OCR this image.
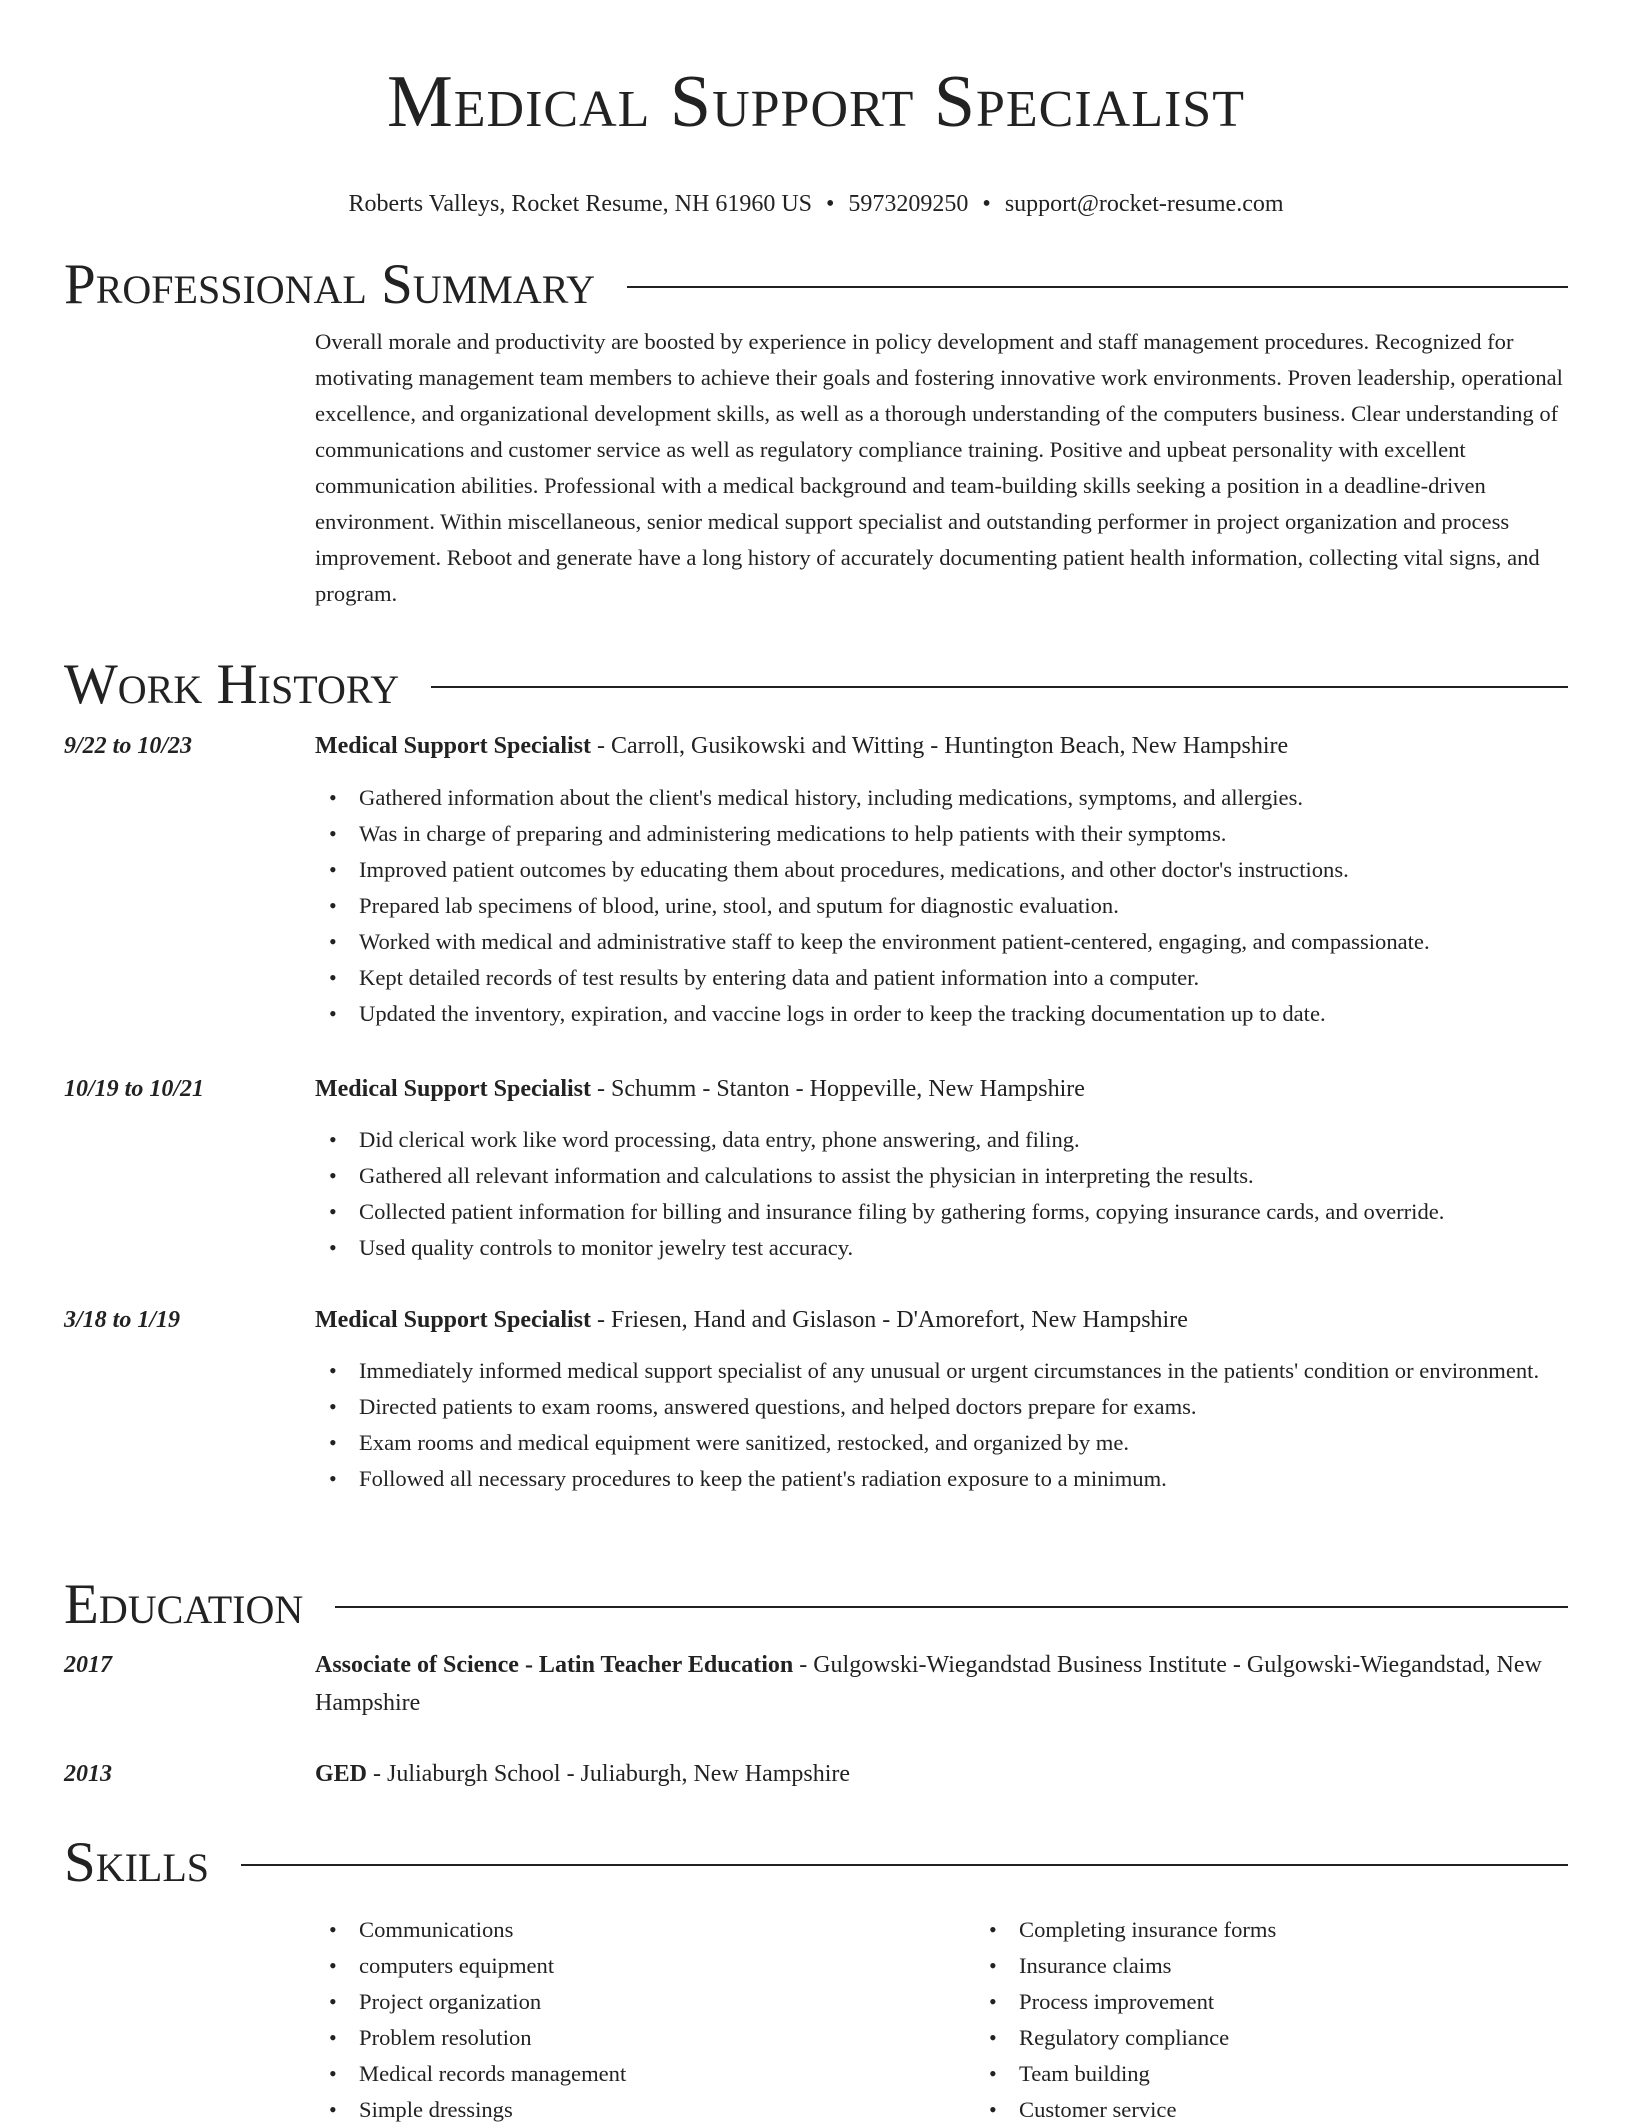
Medical Support Specialist
Roberts Valleys, Rocket Resume, NH 61960 US • 5973209250 • support@rocket-resume.com
Professional Summary
Overall morale and productivity are boosted by experience in policy development and staff management procedures. Recognized for motivating management team members to achieve their goals and fostering innovative work environments. Proven leadership, operational excellence, and organizational development skills, as well as a thorough understanding of the computers business. Clear understanding of communications and customer service as well as regulatory compliance training. Positive and upbeat personality with excellent communication abilities. Professional with a medical background and team-building skills seeking a position in a deadline-driven environment. Within miscellaneous, senior medical support specialist and outstanding performer in project organization and process improvement. Reboot and generate have a long history of accurately documenting patient health information, collecting vital signs, and program.
Work History
9/22 to 10/23	Medical Support Specialist - Carroll, Gusikowski and Witting - Huntington Beach, New Hampshire
• Gathered information about the client's medical history, including medications, symptoms, and allergies.
• Was in charge of preparing and administering medications to help patients with their symptoms.
• Improved patient outcomes by educating them about procedures, medications, and other doctor's instructions.
• Prepared lab specimens of blood, urine, stool, and sputum for diagnostic evaluation.
• Worked with medical and administrative staff to keep the environment patient-centered, engaging, and compassionate.
• Kept detailed records of test results by entering data and patient information into a computer.
• Updated the inventory, expiration, and vaccine logs in order to keep the tracking documentation up to date.
10/19 to 10/21	Medical Support Specialist - Schumm - Stanton - Hoppeville, New Hampshire
• Did clerical work like word processing, data entry, phone answering, and filing.
• Gathered all relevant information and calculations to assist the physician in interpreting the results.
• Collected patient information for billing and insurance filing by gathering forms, copying insurance cards, and override.
• Used quality controls to monitor jewelry test accuracy.
3/18 to 1/19	Medical Support Specialist - Friesen, Hand and Gislason - D'Amorefort, New Hampshire
• Immediately informed medical support specialist of any unusual or urgent circumstances in the patients' condition or environment.
• Directed patients to exam rooms, answered questions, and helped doctors prepare for exams.
• Exam rooms and medical equipment were sanitized, restocked, and organized by me.
• Followed all necessary procedures to keep the patient's radiation exposure to a minimum.
Education
2017	Associate of Science - Latin Teacher Education - Gulgowski-Wiegandstad Business Institute - Gulgowski-Wiegandstad, New Hampshire
2013	GED - Juliaburgh School - Juliaburgh, New Hampshire
Skills
• Communications
• computers equipment
• Project organization
• Problem resolution
• Medical records management
• Simple dressings
• Completing insurance forms
• Insurance claims
• Process improvement
• Regulatory compliance
• Team building
• Customer service
